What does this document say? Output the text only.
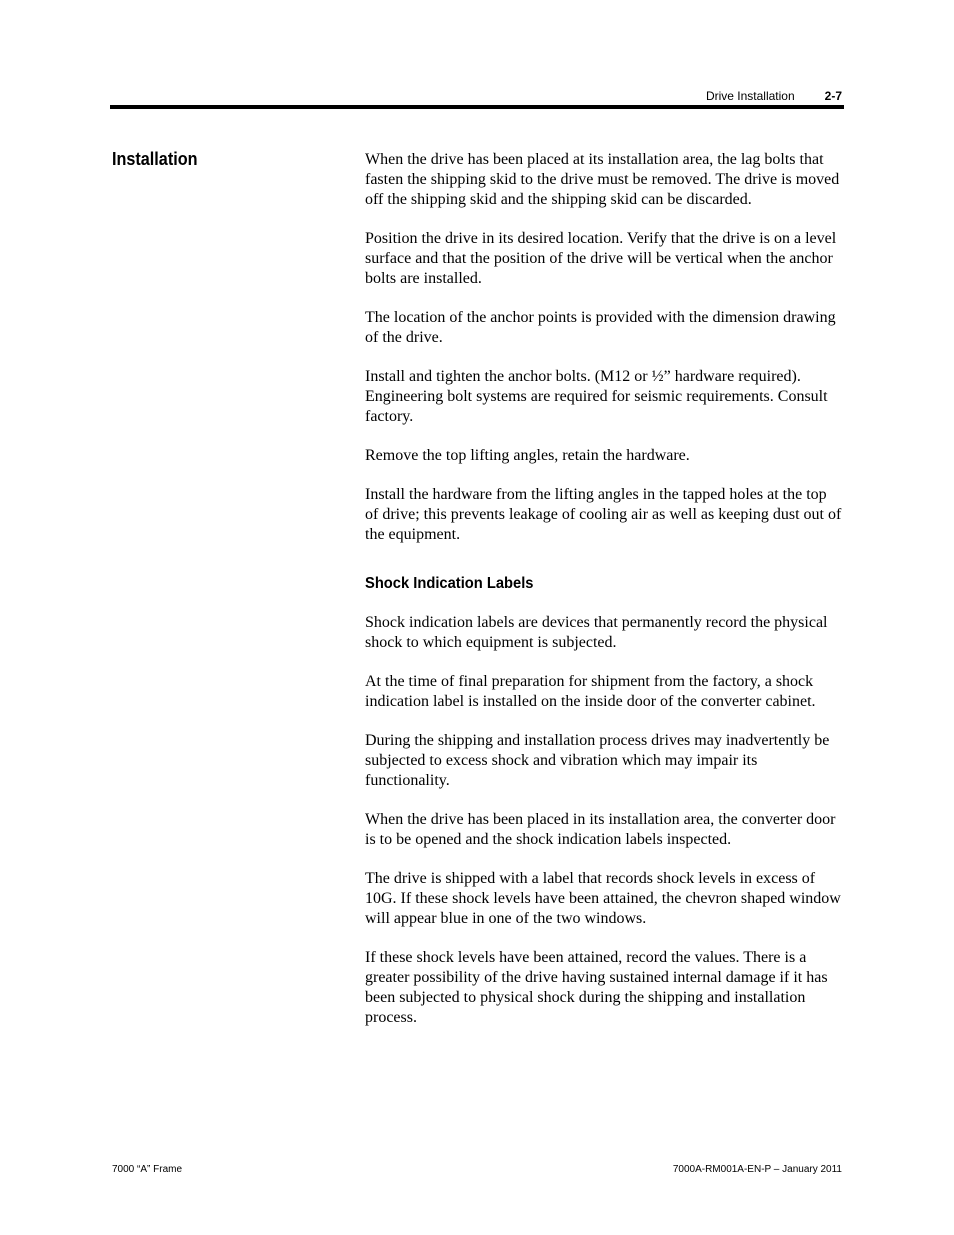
Drive Installation	2-7
Installation	When the drive has been placed at its installation area, the lag bolts that fasten the shipping skid to the drive must be removed. The drive is moved off the shipping skid and the shipping skid can be discarded.

Position the drive in its desired location. Verify that the drive is on a level surface and that the position of the drive will be vertical when the anchor bolts are installed.

The location of the anchor points is provided with the dimension drawing of the drive.

Install and tighten the anchor bolts. (M12 or ½” hardware required). Engineering bolt systems are required for seismic requirements. Consult factory.

Remove the top lifting angles, retain the hardware.

Install the hardware from the lifting angles in the tapped holes at the top of drive; this prevents leakage of cooling air as well as keeping dust out of the equipment.

Shock Indication Labels

Shock indication labels are devices that permanently record the physical shock to which equipment is subjected.

At the time of final preparation for shipment from the factory, a shock indication label is installed on the inside door of the converter cabinet.

During the shipping and installation process drives may inadvertently be subjected to excess shock and vibration which may impair its functionality.

When the drive has been placed in its installation area, the converter door is to be opened and the shock indication labels inspected.

The drive is shipped with a label that records shock levels in excess of 10G. If these shock levels have been attained, the chevron shaped window will appear blue in one of the two windows.

If these shock levels have been attained, record the values. There is a greater possibility of the drive having sustained internal damage if it has been subjected to physical shock during the shipping and installation process.

7000 “A” Frame	7000A-RM001A-EN-P – January 2011
